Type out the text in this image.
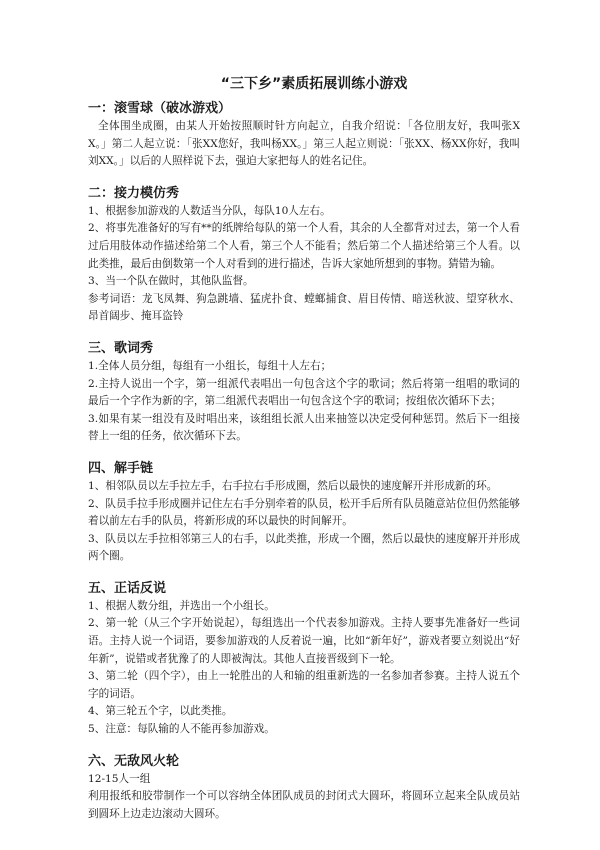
“三下乡”素质拓展训练小游戏
一：滚雪球（破冰游戏）

全体围坐成圈，由某人开始按照顺时针方向起立，自我介绍说：「各位朋友好，我叫张XX。」第二人起立说：「张XX您好，我叫杨XX。」第三人起立则说：「张XX、杨XX你好，我叫刘XX。」以后的人照样说下去，强迫大家把每人的姓名记住。

二：接力模仿秀

1、根据参加游戏的人数适当分队，每队10人左右。

2、将事先准备好的写有**的纸牌给每队的第一个人看，其余的人全都背对过去，第一个人看过后用肢体动作描述给第二个人看，第三个人不能看；然后第二个人描述给第三个人看。以此类推，最后由倒数第一个人对看到的进行描述，告诉大家她所想到的事物。猜错为输。

3、当一个队在做时，其他队监督。

参考词语：龙飞凤舞、狗急跳墙、猛虎扑食、螳螂捕食、眉目传情、暗送秋波、望穿秋水、昂首阔步、掩耳盗铃

三、歌词秀

1.全体人员分组，每组有一小组长，每组十人左右；

2.主持人说出一个字，第一组派代表唱出一句包含这个字的歌词；然后将第一组唱的歌词的最后一个字作为新的字，第二组派代表唱出一句包含这个字的歌词；按组依次循环下去；

3.如果有某一组没有及时唱出来，该组组长派人出来抽签以决定受何种惩罚。然后下一组接替上一组的任务，依次循环下去。

四、解手链

1、相邻队员以左手拉左手，右手拉右手形成圈，然后以最快的速度解开并形成新的环。

2、队员手拉手形成圈并记住左右手分别牵着的队员，松开手后所有队员随意站位但仍然能够着以前左右手的队员，将新形成的环以最快的时间解开。

3、队员以左手拉相邻第三人的右手，以此类推，形成一个圈，然后以最快的速度解开并形成两个圈。

五、正话反说

1、根据人数分组，并选出一个小组长。

2、第一轮（从三个字开始说起），每组选出一个代表参加游戏。主持人要事先准备好一些词语。主持人说一个词语，要参加游戏的人反着说一遍，比如“新年好”，游戏者要立刻说出“好年新”，说错或者犹豫了的人即被淘汰。其他人直接晋级到下一轮。

3、第二轮（四个字），由上一轮胜出的人和输的组重新选的一名参加者参赛。主持人说五个字的词语。

4、第三轮五个字，以此类推。

5、注意：每队输的人不能再参加游戏。

六、无敌风火轮

12-15人一组

利用报纸和胶带制作一个可以容纳全体团队成员的封闭式大圆环，将圆环立起来全队成员站到圆环上边走边滚动大圆环。
